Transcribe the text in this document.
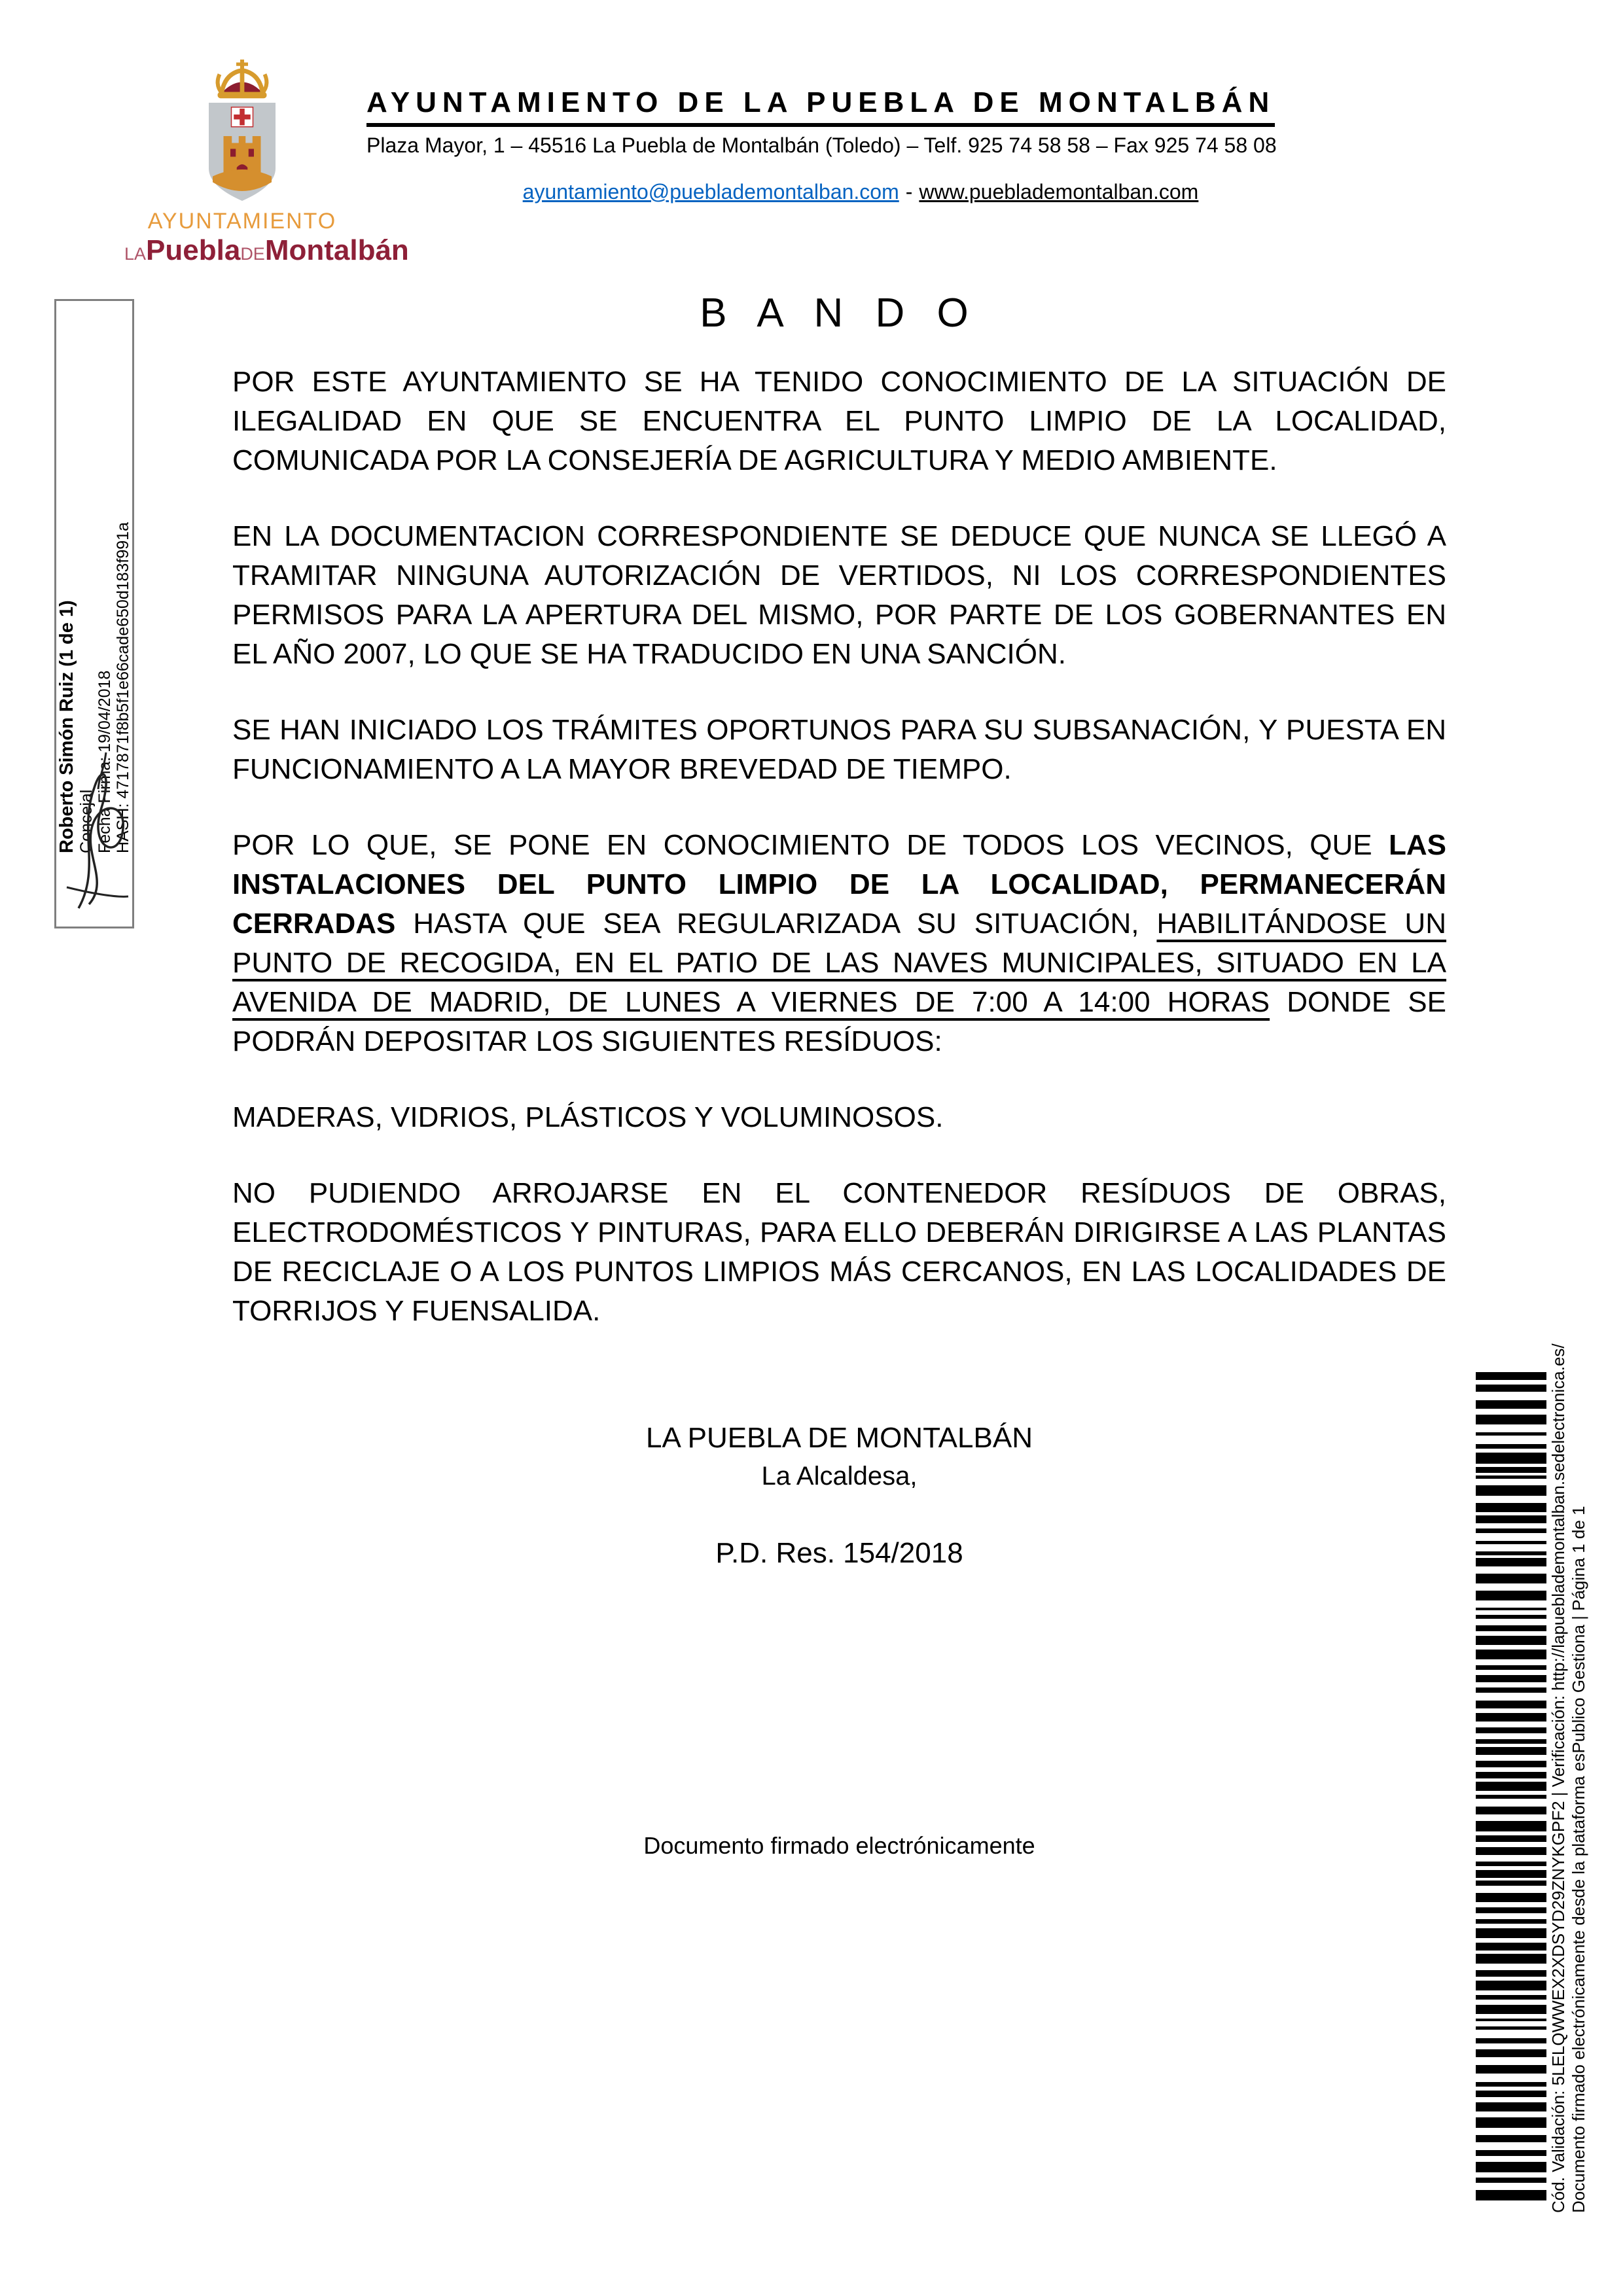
AYUNTAMIENTO
LAPueblaDEMontalbán
AYUNTAMIENTO DE LA PUEBLA DE MONTALBÁN
Plaza Mayor, 1 – 45516 La Puebla de Montalbán (Toledo) – Telf. 925 74 58 58 – Fax 925 74 58 08
ayuntamiento@pueblademontalban.com - www.pueblademontalban.com
Roberto Simón Ruiz (1 de 1) Concejal Fecha Firma: 19/04/2018 HASH: 4717871f8b5f1e66cade650d183f991a
B A N D O

POR ESTE AYUNTAMIENTO SE HA TENIDO CONOCIMIENTO DE LA SITUACIÓN DE ILEGALIDAD EN QUE SE ENCUENTRA EL PUNTO LIMPIO DE LA LOCALIDAD, COMUNICADA POR LA CONSEJERÍA DE AGRICULTURA Y MEDIO AMBIENTE.

EN LA DOCUMENTACION CORRESPONDIENTE SE DEDUCE QUE NUNCA SE LLEGÓ A TRAMITAR NINGUNA AUTORIZACIÓN DE VERTIDOS, NI LOS CORRESPONDIENTES PERMISOS PARA LA APERTURA DEL MISMO, POR PARTE DE LOS GOBERNANTES EN EL AÑO 2007, LO QUE SE HA TRADUCIDO EN UNA SANCIÓN.

SE HAN INICIADO LOS TRÁMITES OPORTUNOS PARA SU SUBSANACIÓN, Y PUESTA EN FUNCIONAMIENTO A LA MAYOR BREVEDAD DE TIEMPO.

POR LO QUE, SE PONE EN CONOCIMIENTO DE TODOS LOS VECINOS, QUE LAS INSTALACIONES DEL PUNTO LIMPIO DE LA LOCALIDAD, PERMANECERÁN CERRADAS HASTA QUE SEA REGULARIZADA SU SITUACIÓN, HABILITÁNDOSE UN PUNTO DE RECOGIDA, EN EL PATIO DE LAS NAVES MUNICIPALES, SITUADO EN LA AVENIDA DE MADRID, DE LUNES A VIERNES DE 7:00 A 14:00 HORAS DONDE SE PODRÁN DEPOSITAR LOS SIGUIENTES RESÍDUOS:

MADERAS, VIDRIOS, PLÁSTICOS Y VOLUMINOSOS.

NO PUDIENDO ARROJARSE EN EL CONTENEDOR RESÍDUOS DE OBRAS, ELECTRODOMÉSTICOS Y PINTURAS, PARA ELLO DEBERÁN DIRIGIRSE A LAS PLANTAS DE RECICLAJE O A LOS PUNTOS LIMPIOS MÁS CERCANOS, EN LAS LOCALIDADES DE TORRIJOS Y FUENSALIDA.

LA PUEBLA DE MONTALBÁN
La Alcaldesa,
P.D. Res. 154/2018
Documento firmado electrónicamente	Cód. Validación: 5LELQWWEX2XDSYD29ZNYKGPF2 | Verificación: http://lapueblademontalban.sedelectronica.es/ Documento firmado electrónicamente desde la plataforma esPublico Gestiona | Página 1 de 1
